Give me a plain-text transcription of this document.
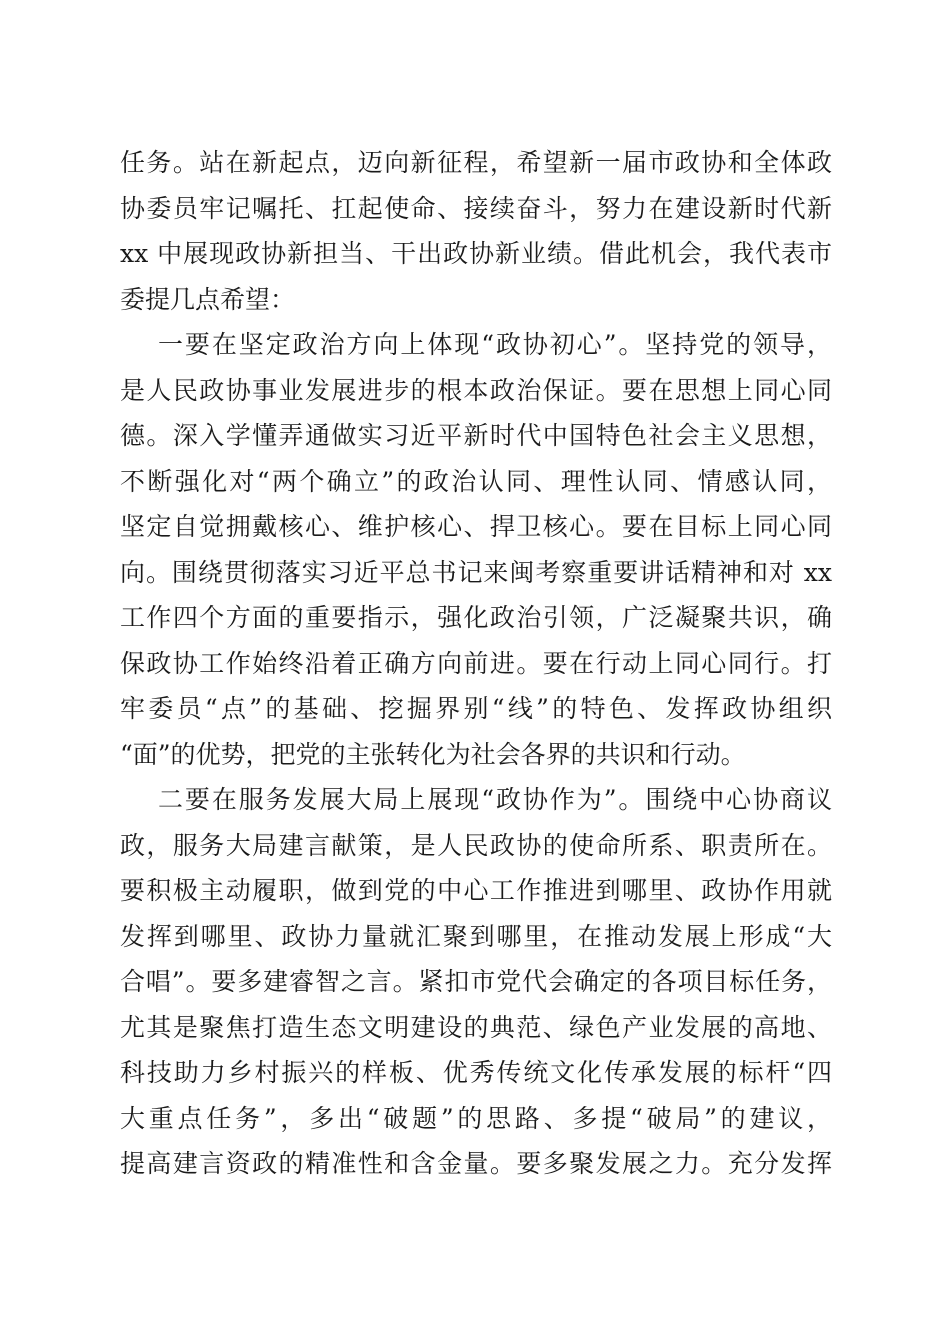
任务。站在新起点，迈向新征程，希望新一届市政协和全体政
协委员牢记嘱托、扛起使命、接续奋斗，努力在建设新时代新
xx 中展现政协新担当、干出政协新业绩。借此机会，我代表市
委提几点希望：
一要在坚定政治方向上体现“政协初心”。坚持党的领导，
是人民政协事业发展进步的根本政治保证。要在思想上同心同
德。深入学懂弄通做实习近平新时代中国特色社会主义思想，
不断强化对“两个确立”的政治认同、理性认同、情感认同，
坚定自觉拥戴核心、维护核心、捍卫核心。要在目标上同心同
向。围绕贯彻落实习近平总书记来闽考察重要讲话精神和对 xx
工作四个方面的重要指示，强化政治引领，广泛凝聚共识，确
保政协工作始终沿着正确方向前进。要在行动上同心同行。打
牢委员“点”的基础、挖掘界别“线”的特色、发挥政协组织
“面”的优势，把党的主张转化为社会各界的共识和行动。
二要在服务发展大局上展现“政协作为”。围绕中心协商议
政，服务大局建言献策，是人民政协的使命所系、职责所在。
要积极主动履职，做到党的中心工作推进到哪里、政协作用就
发挥到哪里、政协力量就汇聚到哪里，在推动发展上形成“大
合唱”。要多建睿智之言。紧扣市党代会确定的各项目标任务，
尤其是聚焦打造生态文明建设的典范、绿色产业发展的高地、
科技助力乡村振兴的样板、优秀传统文化传承发展的标杆“四
大重点任务”，多出“破题”的思路、多提“破局”的建议，
提高建言资政的精准性和含金量。要多聚发展之力。充分发挥
